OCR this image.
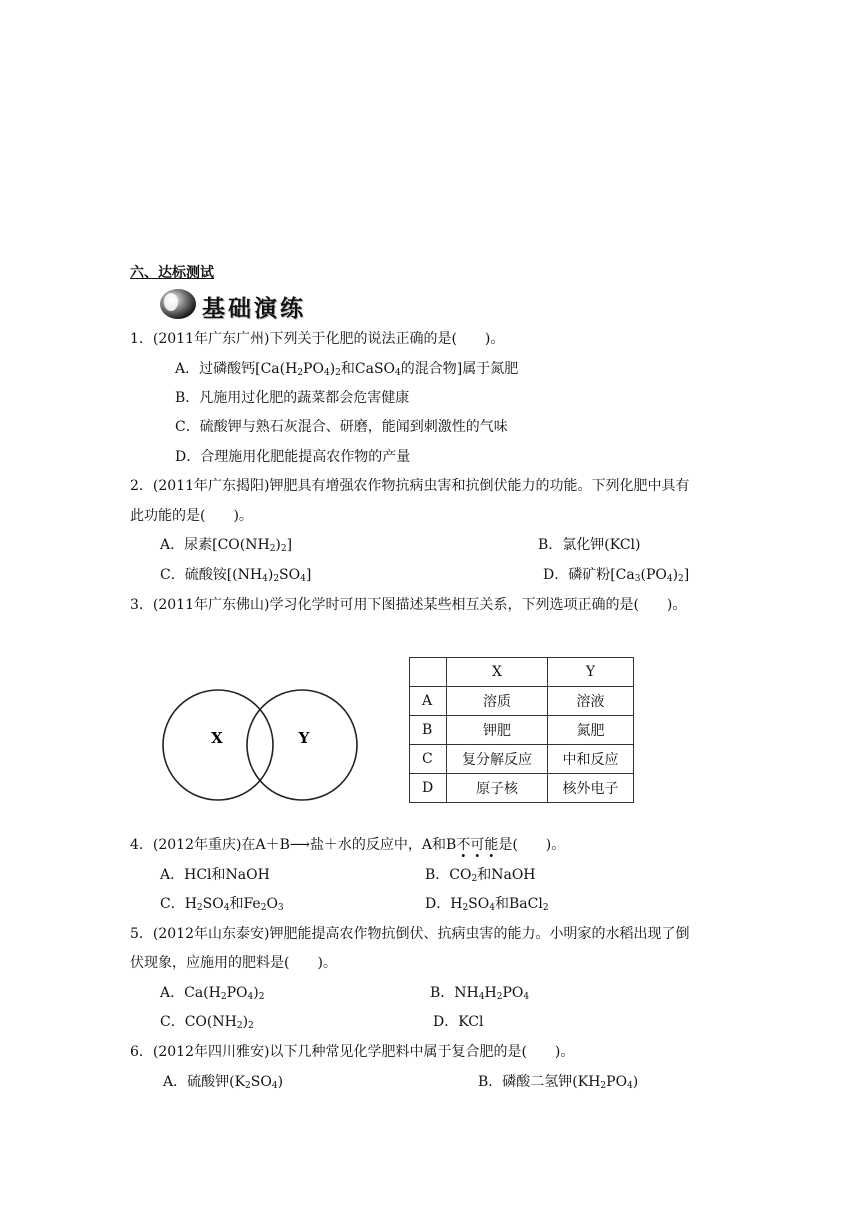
六、达标测试
基础演练
1．(2011年广东广州)下列关于化肥的说法正确的是(　　)。
A．过磷酸钙[$Ca(H_2PO_4)_2$和CaSO$_4$的混合物]属于氮肥
B．凡施用过化肥的蔬菜都会危害健康
C．硫酸钾与熟石灰混合、研磨，能闻到刺激性的气味
D．合理施用化肥能提高农作物的产量
2．(2011年广东揭阳)钾肥具有增强农作物抗病虫害和抗倒伏能力的功能。下列化肥中具有
此功能的是(　　)。
A．尿素$[CO(NH_2)_2]$	B．氯化钾(KCl)
C．硫酸铵$[(NH_4)_2SO_4]$	D．磷矿粉$[Ca_3(PO_4)_2]$
3．(2011年广东佛山)学习化学时可用下图描述某些相互关系，下列选项正确的是(　　)。
X	Y
	X	Y
A	溶质	溶液
B	钾肥	氮肥
C	复分解反应	中和反应
D	原子核	核外电子
4．(2012年重庆)在A＋B⟶盐＋水的反应中，A和B不可能是(　　)。
A．HCl和NaOH	B．$CO_2$和NaOH
C．$H_2SO_4$和$Fe_2O_3$	D．$H_2SO_4$和BaCl$_2$
5．(2012年山东泰安)钾肥能提高农作物抗倒伏、抗病虫害的能力。小明家的水稻出现了倒
伏现象，应施用的肥料是(　　)。
A．$Ca(H_2PO_4)_2$	B．$NH_4H_2PO_4$
C．$CO(NH_2)_2$	D．KCl
6．(2012年四川雅安)以下几种常见化学肥料中属于复合肥的是(　　)。
A．硫酸钾$(K_2SO_4)$	B．磷酸二氢钾$(KH_2PO_4)$
